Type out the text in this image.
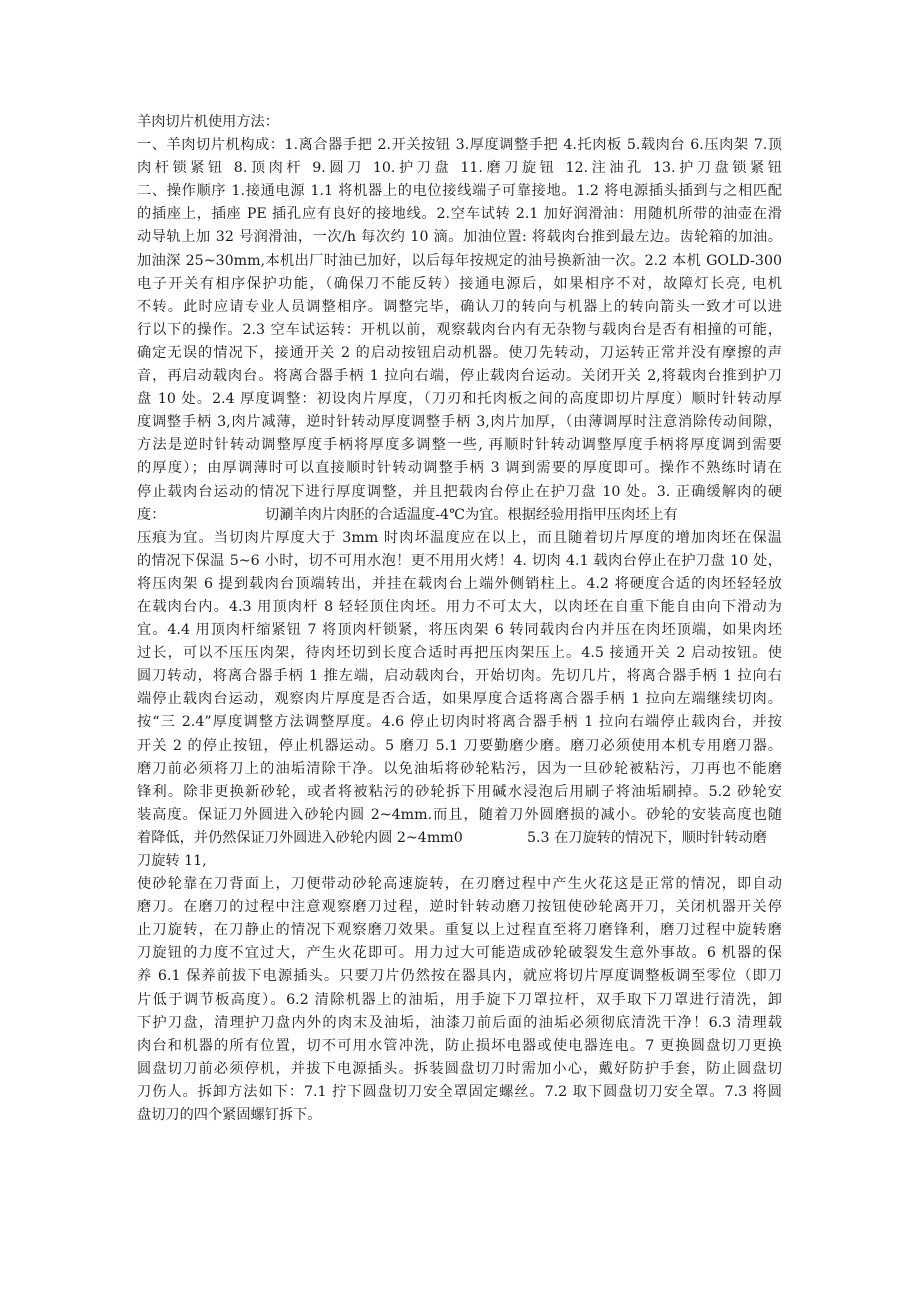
羊肉切片机使用方法：
一、羊肉切片机构成：1.离合器手把 2.开关按钮 3.厚度调整手把 4.托肉板 5.载肉台 6.压肉架 7.顶
肉杆锁紧钮 8.顶肉杆 9.圆刀 10.护刀盘 11.磨刀旋钮 12.注油孔 13.护刀盘锁紧钮
二、操作顺序 1.接通电源 1.1 将机器上的电位接线端子可靠接地。1.2 将电源插头插到与之相匹配
的插座上，插座 PE 插孔应有良好的接地线。2.空车试转 2.1 加好润滑油：用随机所带的油壶在滑
动导轨上加 32 号润滑油，一次/h 每次约 10 滴。加油位置: 将载肉台推到最左边。齿轮箱的加油。
加油深 25~30mm,本机出厂时油已加好，以后每年按规定的油号换新油一次。2.2 本机 GOLD-300
电子开关有相序保护功能，（确保刀不能反转）接通电源后，如果相序不对，故障灯长亮, 电机
不转。此时应请专业人员调整相序。调整完毕，确认刀的转向与机器上的转向箭头一致才可以进
行以下的操作。2.3 空车试运转：开机以前，观察载肉台内有无杂物与载肉台是否有相撞的可能，
确定无误的情况下，接通开关 2 的启动按钮启动机器。使刀先转动，刀运转正常并没有摩擦的声
音，再启动载肉台。将离合器手柄 1 拉向右端，停止载肉台运动。关闭开关 2,将载肉台推到护刀
盘 10 处。2.4 厚度调整：初设肉片厚度，（刀刃和托肉板之间的高度即切片厚度）顺时针转动厚
度调整手柄 3,肉片减薄，逆时针转动厚度调整手柄 3,肉片加厚，（由薄调厚时注意消除传动间隙，
方法是逆时针转动调整厚度手柄将厚度多调整一些, 再顺时针转动调整厚度手柄将厚度调到需要
的厚度）；由厚调薄时可以直接顺时针转动调整手柄 3 调到需要的厚度即可。操作不熟练时请在
停止载肉台运动的情况下进行厚度调整，并且把载肉台停止在护刀盘 10 处。3. 正确缓解肉的硬
度：	切涮羊肉片肉胚的合适温度-4℃为宜。根据经验用指甲压肉坯上有
压痕为宜。当切肉片厚度大于 3mm 时肉坏温度应在以上，而且随着切片厚度的增加肉坯在保温
的情况下保温 5~6 小时，切不可用水泡！更不用用火烤！4. 切肉 4.1 载肉台停止在护刀盘 10 处，
将压肉架 6 提到载肉台顶端转出，并挂在载肉台上端外侧销柱上。4.2 将硬度合适的肉坯轻轻放
在载肉台内。4.3 用顶肉杆 8 轻轻顶住肉坯。用力不可太大，以肉坯在自重下能自由向下滑动为
宜。4.4 用顶肉杆缩紧钮 7 将顶肉杆锁紧，将压肉架 6 转同载肉台内并压在肉坯顶端，如果肉坯
过长，可以不压压肉架，待肉坯切到长度合适时再把压肉架压上。4.5 接通开关 2 启动按钮。使
圆刀转动，将离合器手柄 1 推左端，启动载肉台，开始切肉。先切几片，将离合器手柄 1 拉向右
端停止载肉台运动，观察肉片厚度是否合适，如果厚度合适将离合器手柄 1 拉向左端继续切肉。
按“三 2.4”厚度调整方法调整厚度。4.6 停止切肉时将离合器手柄 1 拉向右端停止载肉台，并按
开关 2 的停止按钮，停止机器运动。5 磨刀 5.1 刀要勤磨少磨。磨刀必须使用本机专用磨刀器。
磨刀前必须将刀上的油垢清除干净。以免油垢将砂轮粘污，因为一旦砂轮被粘污，刀再也不能磨
锋利。除非更换新砂轮，或者将被粘污的砂轮拆下用碱水浸泡后用刷子将油垢刷掉。5.2 砂轮安
装高度。保证刀外圆进入砂轮内圆 2~4mm.而且，随着刀外圆磨损的减小。砂轮的安装高度也随
着降低，并仍然保证刀外圆进入砂轮内圆 2~4mm0	5.3 在刀旋转的情况下，顺时针转动磨
刀旋转 11,
使砂轮靠在刀背面上，刀便带动砂轮高速旋转，在刃磨过程中产生火花这是正常的情况，即自动
磨刀。在磨刀的过程中注意观察磨刀过程，逆时针转动磨刀按钮使砂轮离开刀，关闭机器开关停
止刀旋转，在刀静止的情况下观察磨刀效果。重复以上过程直至将刀磨锋利，磨刀过程中旋转磨
刀旋钮的力度不宜过大，产生火花即可。用力过大可能造成砂轮破裂发生意外事故。6 机器的保
养 6.1 保养前拔下电源插头。只要刀片仍然按在器具内，就应将切片厚度调整板调至零位（即刀
片低于调节板高度）。6.2 清除机器上的油垢，用手旋下刀罩拉杆，双手取下刀罩进行清洗，卸
下护刀盘，清理护刀盘内外的肉末及油垢，油漆刀前后面的油垢必须彻底清洗干净！6.3 清理载
肉台和机器的所有位置，切不可用水管冲洗，防止损坏电器或使电器连电。7 更换圆盘切刀更换
圆盘切刀前必须停机，并拔下电源插头。拆装圆盘切刀时需加小心，戴好防护手套，防止圆盘切
刀伤人。拆卸方法如下：7.1 拧下圆盘切刀安全罩固定螺丝。7.2 取下圆盘切刀安全罩。7.3 将圆
盘切刀的四个紧固螺钉拆下。
